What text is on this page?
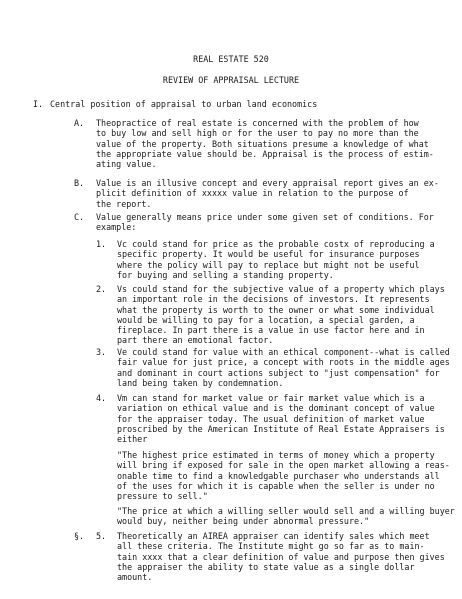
REAL ESTATE 520
REVIEW OF APPRAISAL LECTURE
I. Central position of appraisal to urban land economics
A. Theopractice of real estate is concerned with the problem of how
to buy low and sell high or for the user to pay no more than the
value of the property. Both situations presume a knowledge of what
the appropriate value should be. Appraisal is the process of estim-
ating value.
B. Value is an illusive concept and every appraisal report gives an ex-
plicit definition of xxxxx value in relation to the purpose of
the report.
C. Value generally means price under some given set of conditions. For
example:
1. Vc could stand for price as the probable costx of reproducing a
specific property. It would be useful for insurance purposes
where the policy will pay to replace but might not be useful
for buying and selling a standing property.
2. Vs could stand for the subjective value of a property which plays
an important role in the decisions of investors. It represents
what the property is worth to the owner or what some individual
would be willing to pay for a location, a special garden, a
fireplace. In part there is a value in use factor here and in
part there an emotional factor.
3. Ve could stand for value with an ethical component--what is called
fair value for just price, a concept with roots in the middle ages
and dominant in court actions subject to "just compensation" for
land being taken by condemnation.
4. Vm can stand for market value or fair market value which is a
variation on ethical value and is the dominant concept of value
for the appraiser today. The usual definition of market value
proscribed by the American Institute of Real Estate Appraisers is
either
"The highest price estimated in terms of money which a property
will bring if exposed for sale in the open market allowing a reas-
onable time to find a knowledgable purchaser who understands all
of the uses for which it is capable when the seller is under no
pressure to sell."
"The price at which a willing seller would sell and a willing buyer
would buy, neither being under abnormal pressure."
§. 5. Theoretically an AIREA appraiser can identify sales which meet
all these criteria. The Institute might go so far as to main-
tain xxxx that a clear definition of value and purpose then gives
the appraiser the ability to state value as a single dollar
amount.
